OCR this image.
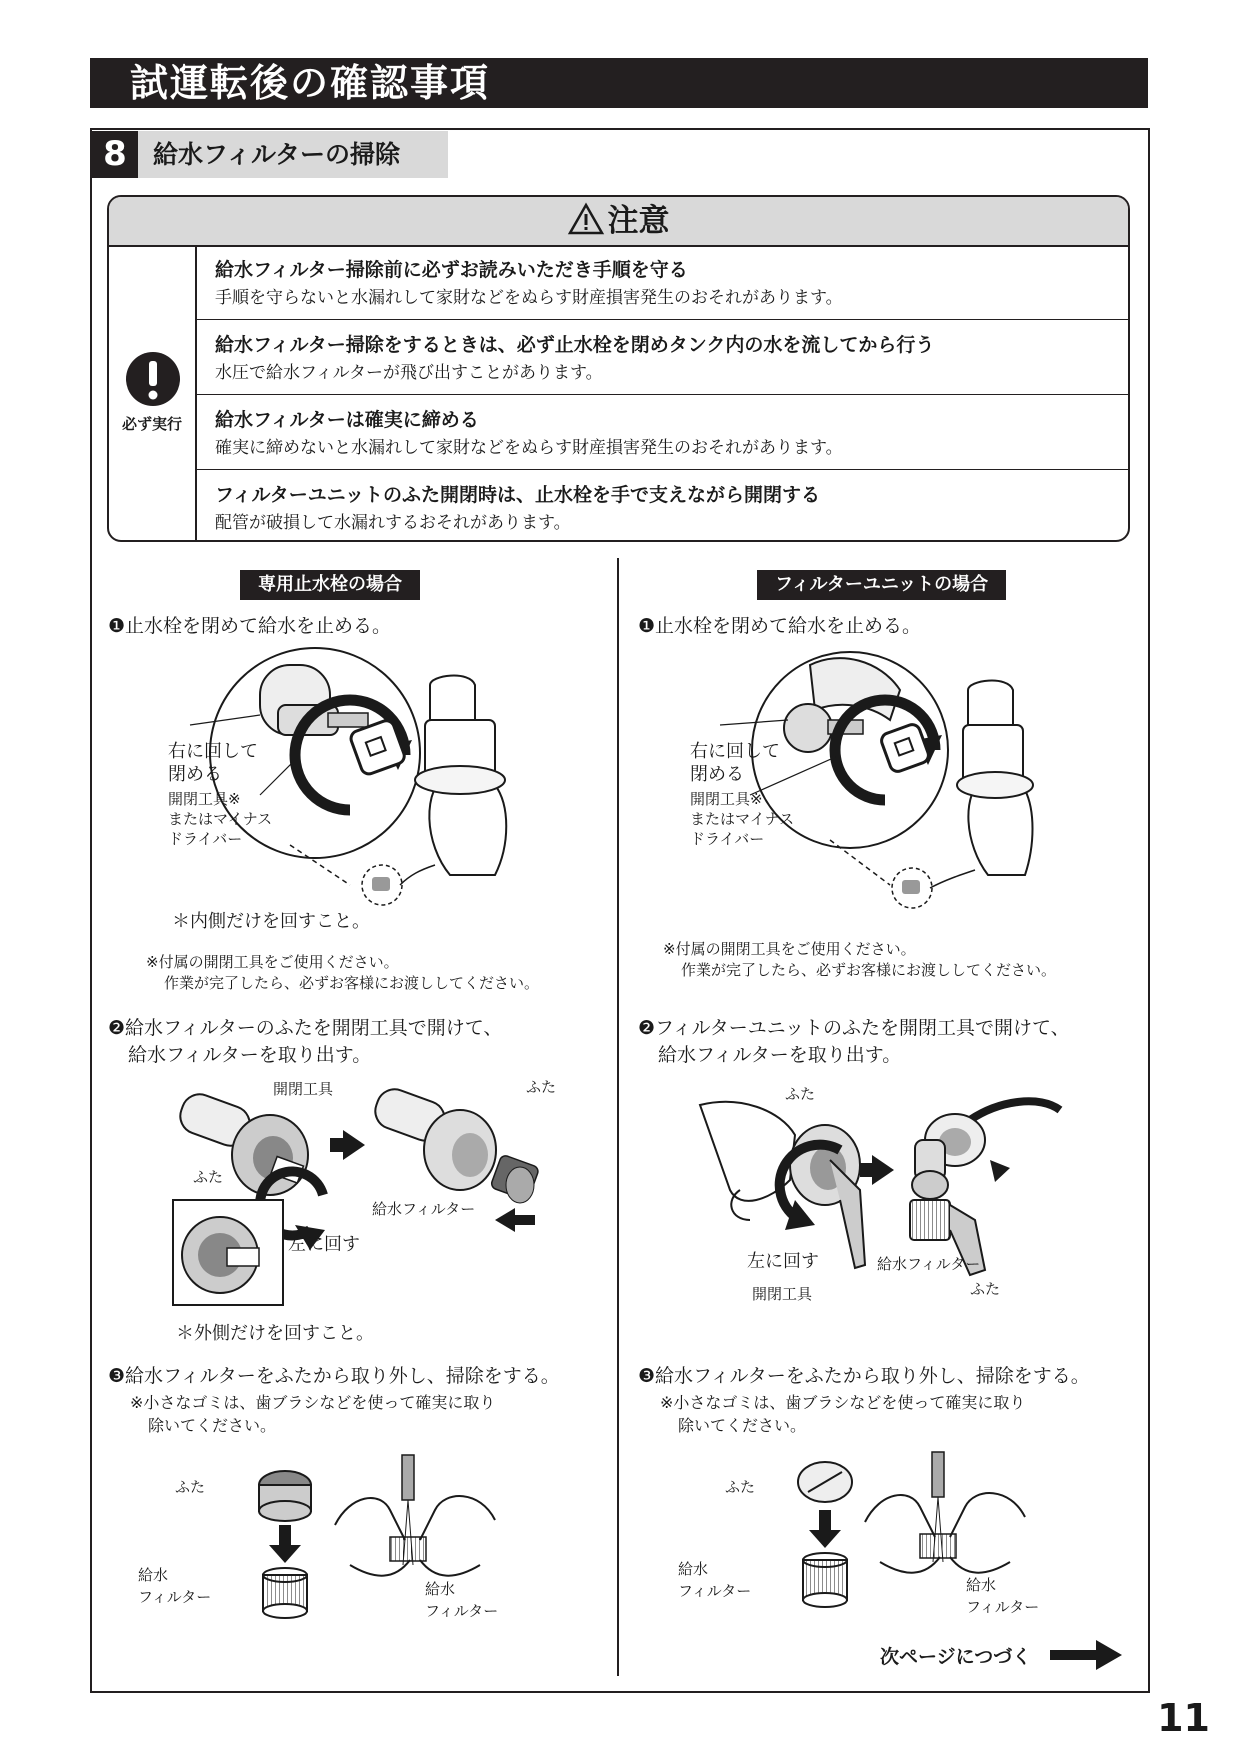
試運転後の確認事項
8	給水フィルターの掃除
注意
必ず実行
給水フィルター掃除前に必ずお読みいただき手順を守る
手順を守らないと水漏れして家財などをぬらす財産損害発生のおそれがあります。
給水フィルター掃除をするときは、必ず止水栓を閉めタンク内の水を流してから行う
水圧で給水フィルターが飛び出すことがあります。
給水フィルターは確実に締める
確実に締めないと水漏れして家財などをぬらす財産損害発生のおそれがあります。
フィルターユニットのふた開閉時は、止水栓を手で支えながら開閉する
配管が破損して水漏れするおそれがあります。
専用止水栓の場合
❶止水栓を閉めて給水を止める。
右に回して
閉める
開閉工具※
またはマイナス
ドライバー
＊内側だけを回すこと。
※付属の開閉工具をご使用ください。
作業が完了したら、必ずお客様にお渡ししてください。
❷給水フィルターのふたを開閉工具で開けて、
給水フィルターを取り出す。
開閉工具	ふた
ふた
給水フィルター
左に回す
＊外側だけを回すこと。
❸給水フィルターをふたから取り外し、掃除をする。
※小さなゴミは、歯ブラシなどを使って確実に取り
除いてください。
ふた
給水
フィルター	給水
フィルター
フィルターユニットの場合
❶止水栓を閉めて給水を止める。
右に回して
閉める
開閉工具※
またはマイナス
ドライバー
※付属の開閉工具をご使用ください。
作業が完了したら、必ずお客様にお渡ししてください。
❷フィルターユニットのふたを開閉工具で開けて、
給水フィルターを取り出す。
ふた
左に回す	給水フィルター
ふた
開閉工具
❸給水フィルターをふたから取り外し、掃除をする。
※小さなゴミは、歯ブラシなどを使って確実に取り
除いてください。
ふた
給水
フィルター	給水
フィルター
次ページにつづく
11
